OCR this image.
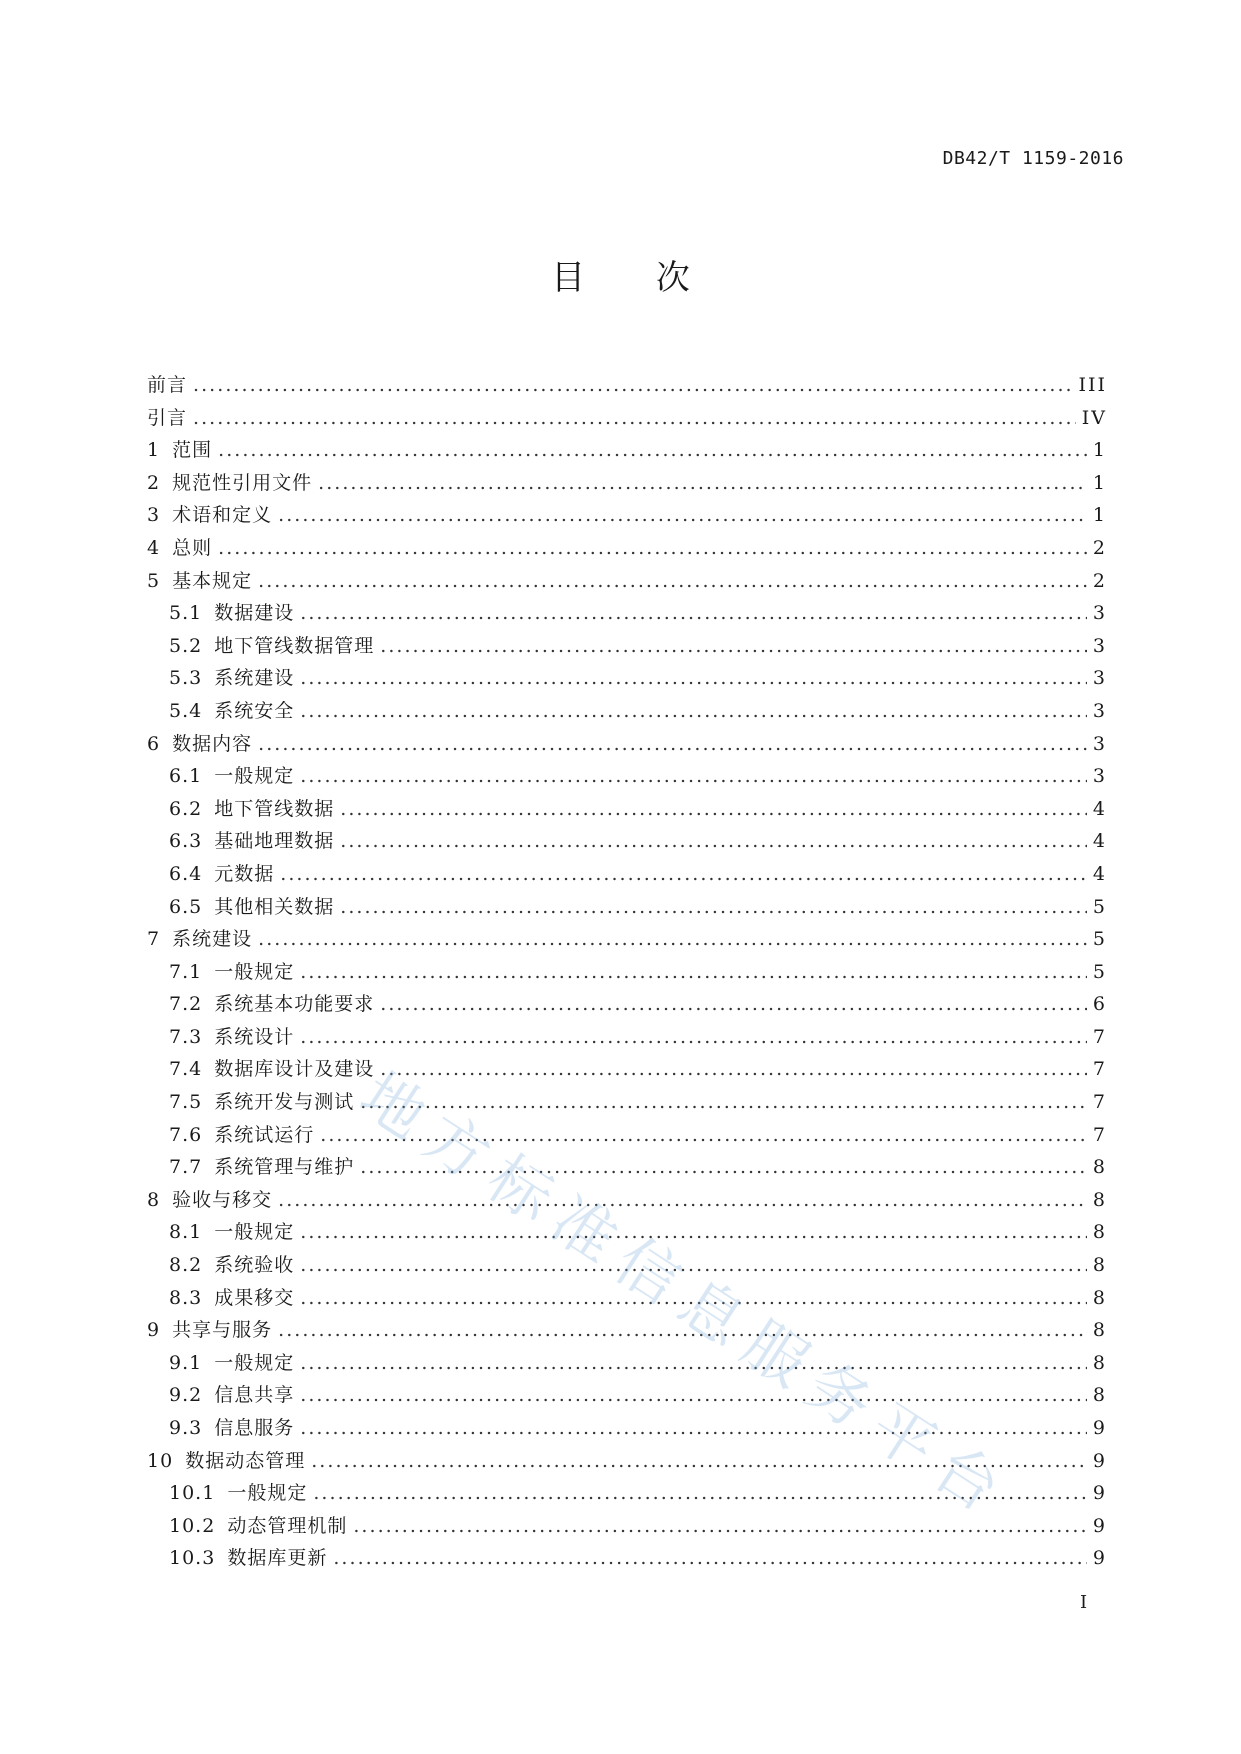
DB42/T 1159-2016
目 次
前言 . . .	III
引言 . . .	IV
1 范围 . . .	1
2 规范性引用文件 . . .	1
3 术语和定义 . . .	1
4 总则 . . .	2
5 基本规定 . . .	2
5.1 数据建设 . . .	3
5.2 地下管线数据管理 . . .	3
5.3 系统建设 . . .	3
5.4 系统安全 . . .	3
6 数据内容 . . .	3
6.1 一般规定 . . .	3
6.2 地下管线数据 . . .	4
6.3 基础地理数据 . . .	4
6.4 元数据 . . .	4
6.5 其他相关数据 . . .	5
7 系统建设 . . .	5
7.1 一般规定 . . .	5
7.2 系统基本功能要求 . . .	6
7.3 系统设计 . . .	7
7.4 数据库设计及建设 . . .	7
7.5 系统开发与测试 . . .	7
7.6 系统试运行 . . .	7
7.7 系统管理与维护 . . .	8
8 验收与移交 . . .	8
8.1 一般规定 . . .	8
8.2 系统验收 . . .	8
8.3 成果移交 . . .	8
9 共享与服务 . . .	8
9.1 一般规定 . . .	8
9.2 信息共享 . . .	8
9.3 信息服务 . . .	9
10 数据动态管理 . . .	9
10.1 一般规定 . . .	9
10.2 动态管理机制 . . .	9
10.3 数据库更新 . . .	9
I
地方标准信息服务平台
